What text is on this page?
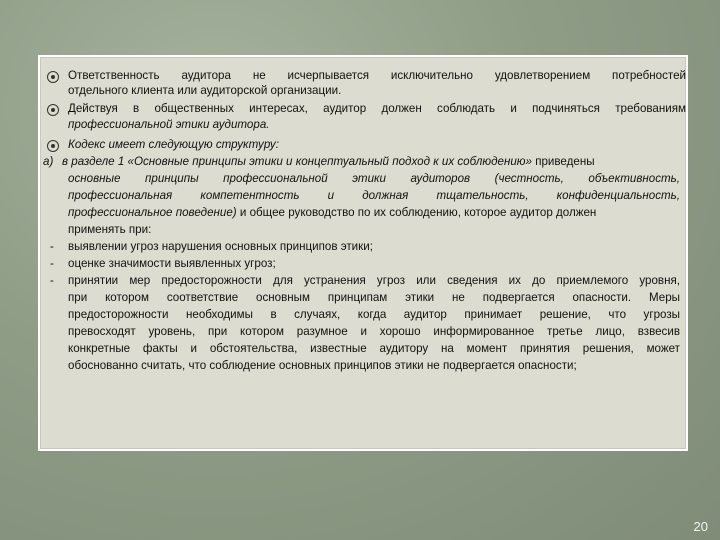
Ответственность аудитора не исчерпывается исключительно удовлетворением потребностей
отдельного клиента или аудиторской организации.
Действуя в общественных интересах, аудитор должен соблюдать и подчиняться требованиям
профессиональной этики аудитора.
Кодекс имеет следующую структуру:
а) в разделе 1 «Основные принципы этики и концептуальный подход к их соблюдению» приведены
основные принципы профессиональной этики аудиторов (честность, объективность,
профессиональная компетентность и должная тщательность, конфиденциальность,
профессиональное поведение) и общее руководство по их соблюдению, которое аудитор должен
применять при:
-	выявлении угроз нарушения основных принципов этики;
-	оценке значимости выявленных угроз;
-	принятии мер предосторожности для устранения угроз или сведения их до приемлемого уровня,
при котором соответствие основным принципам этики не подвергается опасности. Меры
предосторожности необходимы в случаях, когда аудитор принимает решение, что угрозы
превосходят уровень, при котором разумное и хорошо информированное третье лицо, взвесив
конкретные факты и обстоятельства, известные аудитору на момент принятия решения, может
обоснованно считать, что соблюдение основных принципов этики не подвергается опасности;
20
